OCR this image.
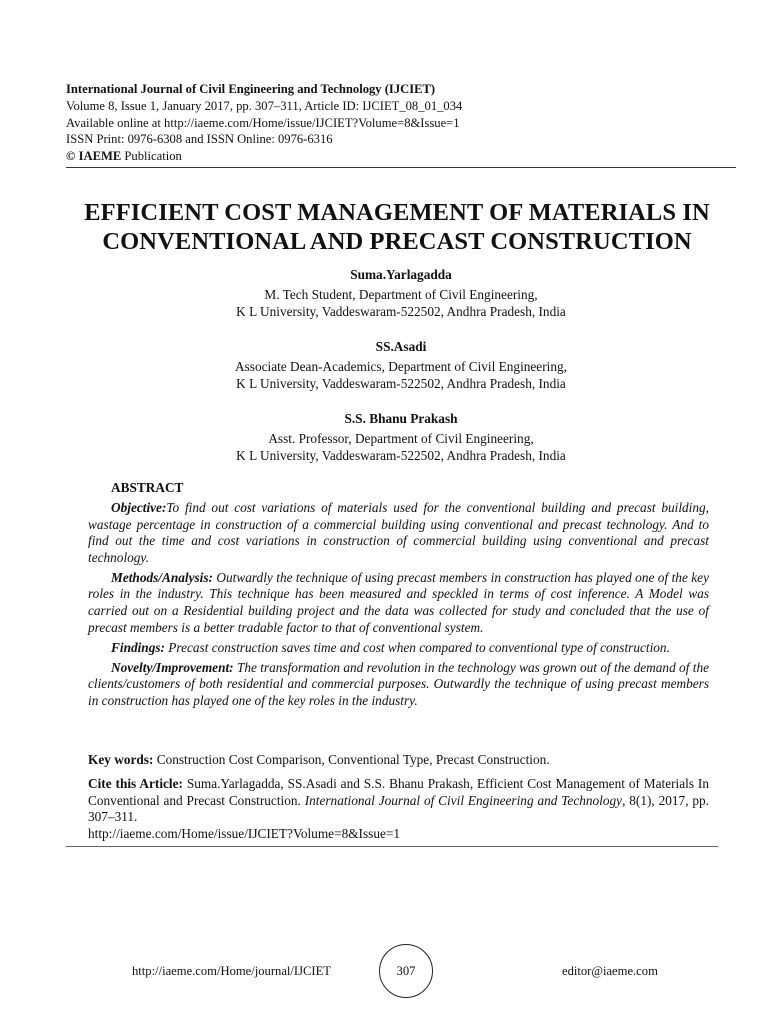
International Journal of Civil Engineering and Technology (IJCIET)
Volume 8, Issue 1, January 2017, pp. 307–311, Article ID: IJCIET_08_01_034
Available online at http://iaeme.com/Home/issue/IJCIET?Volume=8&Issue=1
ISSN Print: 0976-6308 and ISSN Online: 0976-6316
© IAEME Publication
EFFICIENT COST MANAGEMENT OF MATERIALS IN
CONVENTIONAL AND PRECAST CONSTRUCTION
Suma.Yarlagadda
M. Tech Student, Department of Civil Engineering,
K L University, Vaddeswaram-522502, Andhra Pradesh, India
SS.Asadi
Associate Dean-Academics, Department of Civil Engineering,
K L University, Vaddeswaram-522502, Andhra Pradesh, India
S.S. Bhanu Prakash
Asst. Professor, Department of Civil Engineering,
K L University, Vaddeswaram-522502, Andhra Pradesh, India
ABSTRACT

Objective:To find out cost variations of materials used for the conventional building and precast building, wastage percentage in construction of a commercial building using conventional and precast technology. And to find out the time and cost variations in construction of commercial building using conventional and precast technology.

Methods/Analysis: Outwardly the technique of using precast members in construction has played one of the key roles in the industry. This technique has been measured and speckled in terms of cost inference. A Model was carried out on a Residential building project and the data was collected for study and concluded that the use of precast members is a better tradable factor to that of conventional system.

Findings: Precast construction saves time and cost when compared to conventional type of construction.

Novelty/Improvement: The transformation and revolution in the technology was grown out of the demand of the clients/customers of both residential and commercial purposes. Outwardly the technique of using precast members in construction has played one of the key roles in the industry.

Key words: Construction Cost Comparison, Conventional Type, Precast Construction.
Cite this Article: Suma.Yarlagadda, SS.Asadi and S.S. Bhanu Prakash, Efficient Cost Management of Materials In Conventional and Precast Construction. International Journal of Civil Engineering and Technology, 8(1), 2017, pp. 307–311.
http://iaeme.com/Home/issue/IJCIET?Volume=8&Issue=1
http://iaeme.com/Home/journal/IJCIET	307	editor@iaeme.com
